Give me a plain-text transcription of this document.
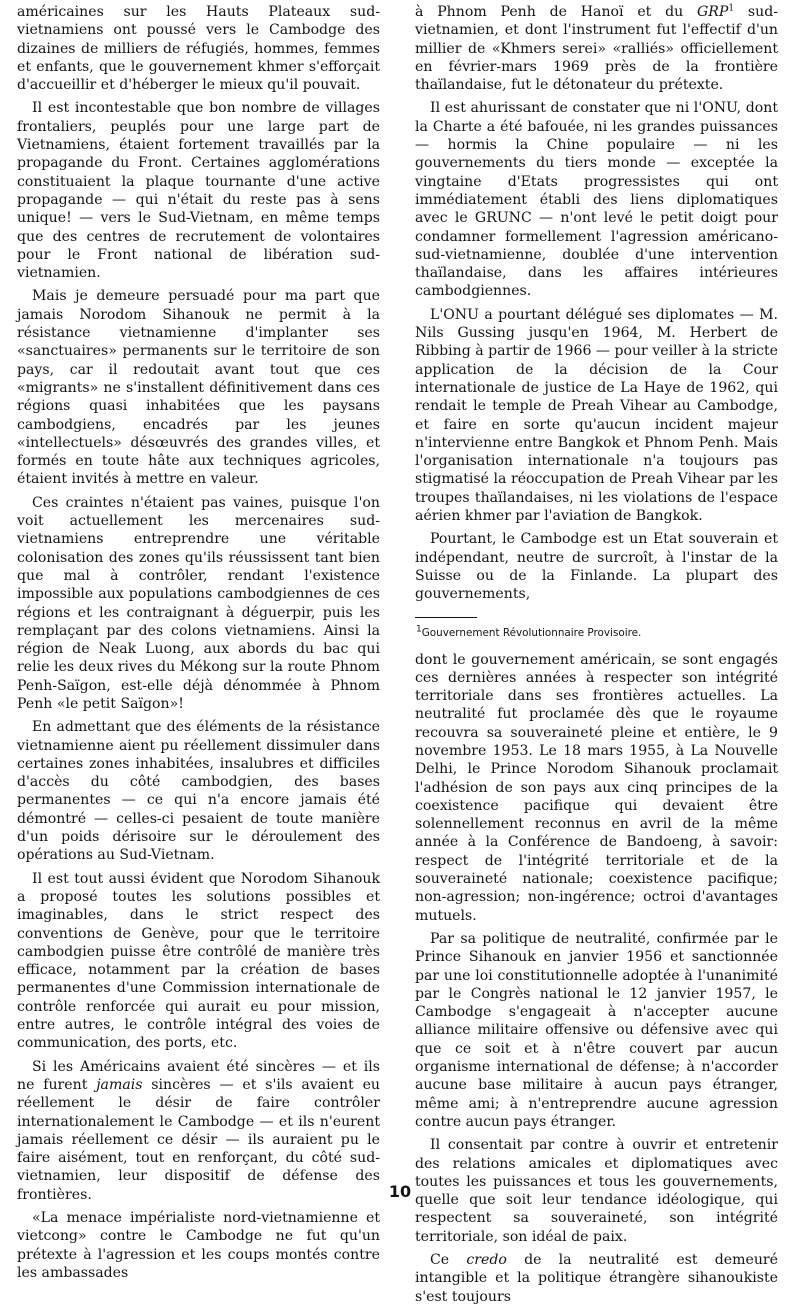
américaines sur les Hauts Plateaux sud-vietnamiens ont poussé vers le Cambodge des dizaines de milliers de réfugiés, hommes, femmes et enfants, que le gouvernement khmer s'efforçait d'accueillir et d'héberger le mieux qu'il pouvait.

Il est incontestable que bon nombre de villages frontaliers, peuplés pour une large part de Vietnamiens, étaient fortement travaillés par la propagande du Front. Certaines agglomérations constituaient la plaque tournante d'une active propagande — qui n'était du reste pas à sens unique! — vers le Sud-Vietnam, en même temps que des centres de recrutement de volontaires pour le Front national de libération sud-vietnamien.

Mais je demeure persuadé pour ma part que jamais Norodom Sihanouk ne permit à la résistance vietnamienne d'implanter ses «sanctuaires» permanents sur le territoire de son pays, car il redoutait avant tout que ces «migrants» ne s'installent définitivement dans ces régions quasi inhabitées que les paysans cambodgiens, encadrés par les jeunes «intellectuels» désœuvrés des grandes villes, et formés en toute hâte aux techniques agricoles, étaient invités à mettre en valeur.

Ces craintes n'étaient pas vaines, puisque l'on voit actuellement les mercenaires sud-vietnamiens entreprendre une véritable colonisation des zones qu'ils réussissent tant bien que mal à contrôler, rendant l'existence impossible aux populations cambodgiennes de ces régions et les contraignant à déguerpir, puis les remplaçant par des colons vietnamiens. Ainsi la région de Neak Luong, aux abords du bac qui relie les deux rives du Mékong sur la route Phnom Penh-Saïgon, est-elle déjà dénommée à Phnom Penh «le petit Saïgon»!

En admettant que des éléments de la résistance vietnamienne aient pu réellement dissimuler dans certaines zones inhabitées, insalubres et difficiles d'accès du côté cambodgien, des bases permanentes — ce qui n'a encore jamais été démontré — celles-ci pesaient de toute manière d'un poids dérisoire sur le déroulement des opérations au Sud-Vietnam.

Il est tout aussi évident que Norodom Sihanouk a proposé toutes les solutions possibles et imaginables, dans le strict respect des conventions de Genève, pour que le territoire cambodgien puisse être contrôlé de manière très efficace, notamment par la création de bases permanentes d'une Commission internationale de contrôle renforcée qui aurait eu pour mission, entre autres, le contrôle intégral des voies de communication, des ports, etc.

Si les Américains avaient été sincères — et ils ne furent jamais sincères — et s'ils avaient eu réellement le désir de faire contrôler internationalement le Cambodge — et ils n'eurent jamais réellement ce désir — ils auraient pu le faire aisément, tout en renforçant, du côté sud-vietnamien, leur dispositif de défense des frontières.

«La menace impérialiste nord-vietnamienne et vietcong» contre le Cambodge ne fut qu'un prétexte à l'agression et les coups montés contre les ambassades

à Phnom Penh de Hanoï et du GRP$^1$ sud-vietnamien, et dont l'instrument fut l'effectif d'un millier de «Khmers serei» «ralliés» officiellement en février-mars 1969 près de la frontière thaïlandaise, fut le détonateur du prétexte.

Il est ahurissant de constater que ni l'ONU, dont la Charte a été bafouée, ni les grandes puissances — hormis la Chine populaire — ni les gouvernements du tiers monde — exceptée la vingtaine d'Etats progressistes qui ont immédiatement établi des liens diplomatiques avec le GRUNC — n'ont levé le petit doigt pour condamner formellement l'agression américano-sud-vietnamienne, doublée d'une intervention thaïlandaise, dans les affaires intérieures cambodgiennes.

L'ONU a pourtant délégué ses diplomates — M. Nils Gussing jusqu'en 1964, M. Herbert de Ribbing à partir de 1966 — pour veiller à la stricte application de la décision de la Cour internationale de justice de La Haye de 1962, qui rendait le temple de Preah Vihear au Cambodge, et faire en sorte qu'aucun incident majeur n'intervienne entre Bangkok et Phnom Penh. Mais l'organisation internationale n'a toujours pas stigmatisé la réoccupation de Preah Vihear par les troupes thaïlandaises, ni les violations de l'espace aérien khmer par l'aviation de Bangkok.

Pourtant, le Cambodge est un Etat souverain et indépendant, neutre de surcroît, à l'instar de la Suisse ou de la Finlande. La plupart des gouvernements,

$^1$Gouvernement Révolutionnaire Provisoire.

dont le gouvernement américain, se sont engagés ces dernières années à respecter son intégrité territoriale dans ses frontières actuelles. La neutralité fut proclamée dès que le royaume recouvra sa souveraineté pleine et entière, le 9 novembre 1953. Le 18 mars 1955, à La Nouvelle Delhi, le Prince Norodom Sihanouk proclamait l'adhésion de son pays aux cinq principes de la coexistence pacifique qui devaient être solennellement reconnus en avril de la même année à la Conférence de Bandoeng, à savoir: respect de l'intégrité territoriale et de la souveraineté nationale; coexistence pacifique; non-agression; non-ingérence; octroi d'avantages mutuels.

Par sa politique de neutralité, confirmée par le Prince Sihanouk en janvier 1956 et sanctionnée par une loi constitutionnelle adoptée à l'unanimité par le Congrès national le 12 janvier 1957, le Cambodge s'engageait à n'accepter aucune alliance militaire offensive ou défensive avec qui que ce soit et à n'être couvert par aucun organisme international de défense; à n'accorder aucune base militaire à aucun pays étranger, même ami; à n'entreprendre aucune agression contre aucun pays étranger.

Il consentait par contre à ouvrir et entretenir des relations amicales et diplomatiques avec toutes les puissances et tous les gouvernements, quelle que soit leur tendance idéologique, qui respectent sa souveraineté, son intégrité territoriale, son idéal de paix.

Ce credo de la neutralité est demeuré intangible et la politique étrangère sihanoukiste s'est toujours

10
